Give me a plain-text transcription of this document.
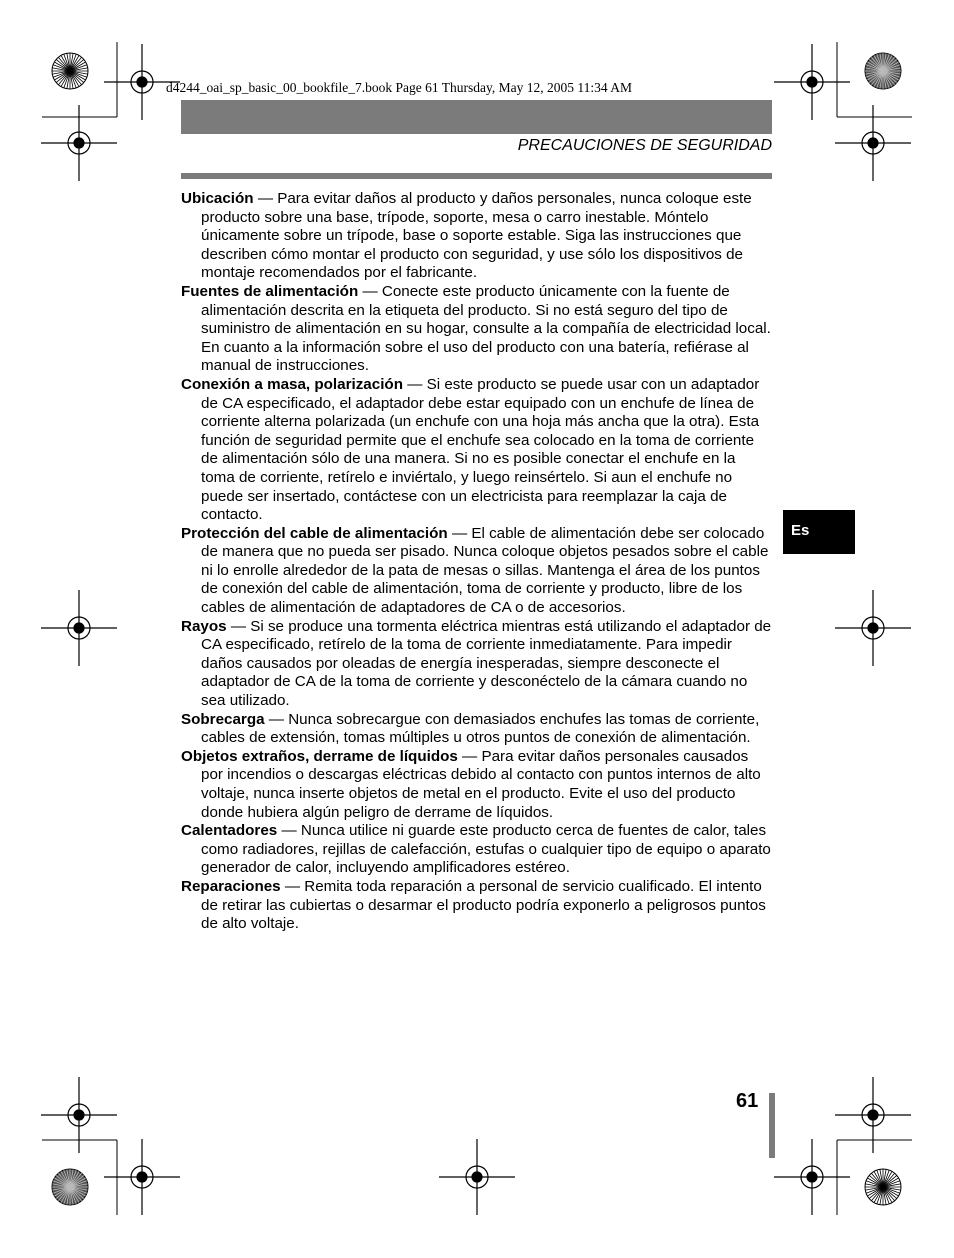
d4244_oai_sp_basic_00_bookfile_7.book Page 61 Thursday, May 12, 2005 11:34 AM
PRECAUCIONES DE SEGURIDAD

Ubicación — Para evitar daños al producto y daños personales, nunca coloque este producto sobre una base, trípode, soporte, mesa o carro inestable. Móntelo únicamente sobre un trípode, base o soporte estable. Siga las instrucciones que describen cómo montar el producto con seguridad, y use sólo los dispositivos de montaje recomendados por el fabricante.

Fuentes de alimentación — Conecte este producto únicamente con la fuente de alimentación descrita en la etiqueta del producto. Si no está seguro del tipo de suministro de alimentación en su hogar, consulte a la compañía de electricidad local. En cuanto a la información sobre el uso del producto con una batería, refiérase al manual de instrucciones.

Conexión a masa, polarización — Si este producto se puede usar con un adaptador de CA especificado, el adaptador debe estar equipado con un enchufe de línea de corriente alterna polarizada (un enchufe con una hoja más ancha que la otra). Esta función de seguridad permite que el enchufe sea colocado en la toma de corriente de alimentación sólo de una manera. Si no es posible conectar el enchufe en la toma de corriente, retírelo e inviértalo, y luego reinsértelo. Si aun el enchufe no puede ser insertado, contáctese con un electricista para reemplazar la caja de contacto.

Protección del cable de alimentación — El cable de alimentación debe ser colocado de manera que no pueda ser pisado. Nunca coloque objetos pesados sobre el cable ni lo enrolle alrededor de la pata de mesas o sillas. Mantenga el área de los puntos de conexión del cable de alimentación, toma de corriente y producto, libre de los cables de alimentación de adaptadores de CA o de accesorios.

Rayos — Si se produce una tormenta eléctrica mientras está utilizando el adaptador de CA especificado, retírelo de la toma de corriente inmediatamente. Para impedir daños causados por oleadas de energía inesperadas, siempre desconecte el adaptador de CA de la toma de corriente y desconéctelo de la cámara cuando no sea utilizado.

Sobrecarga — Nunca sobrecargue con demasiados enchufes las tomas de corriente, cables de extensión, tomas múltiples u otros puntos de conexión de alimentación.

Objetos extraños, derrame de líquidos — Para evitar daños personales causados por incendios o descargas eléctricas debido al contacto con puntos internos de alto voltaje, nunca inserte objetos de metal en el producto. Evite el uso del producto donde hubiera algún peligro de derrame de líquidos.

Calentadores — Nunca utilice ni guarde este producto cerca de fuentes de calor, tales como radiadores, rejillas de calefacción, estufas o cualquier tipo de equipo o aparato generador de calor, incluyendo amplificadores estéreo.

Reparaciones — Remita toda reparación a personal de servicio cualificado. El intento de retirar las cubiertas o desarmar el producto podría exponerlo a peligrosos puntos de alto voltaje.

Es
61
